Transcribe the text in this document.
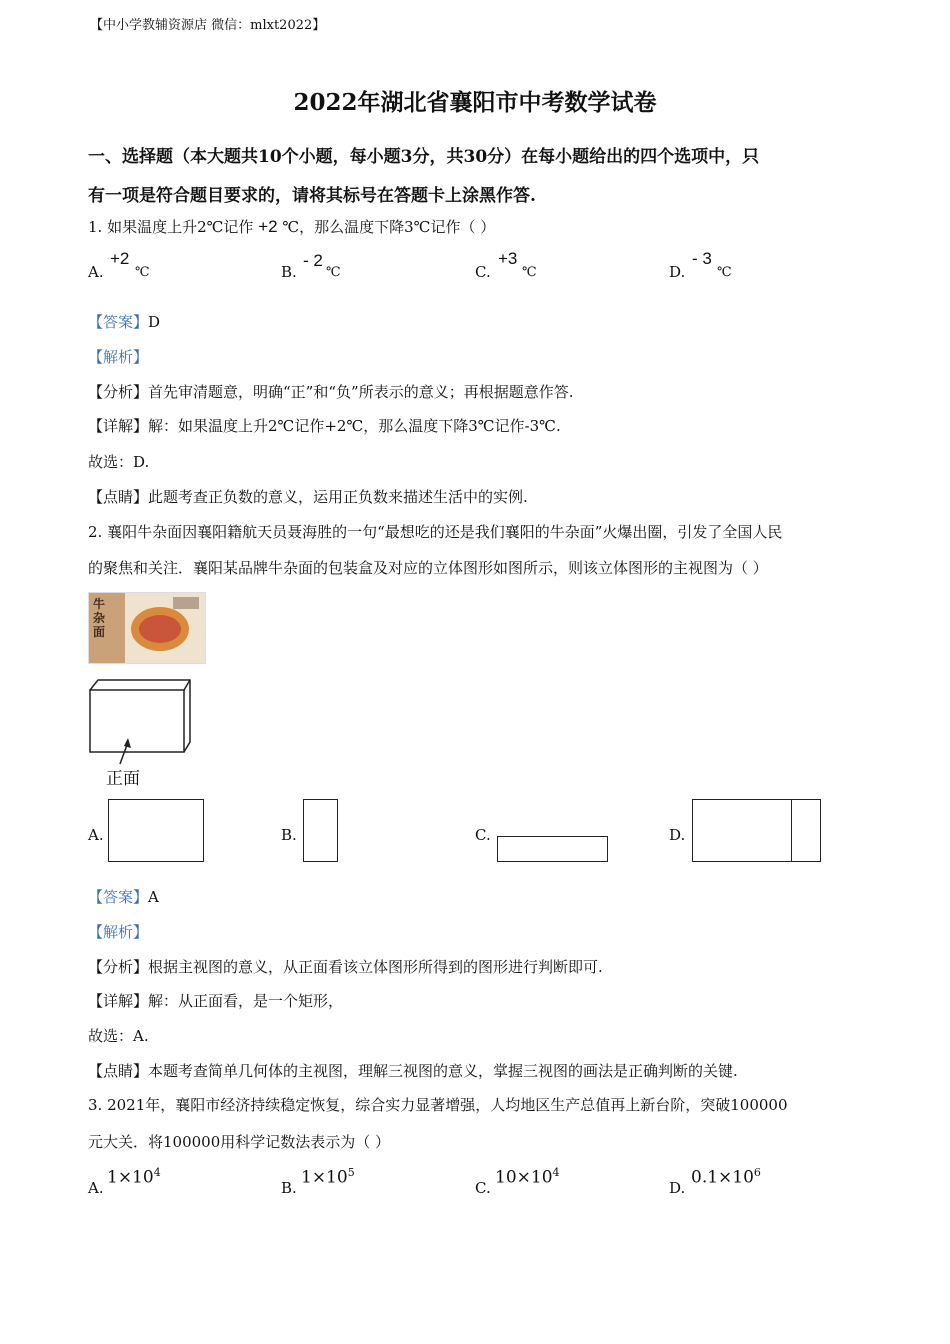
【中小学教辅资源店 微信：mlxt2022】
2022年湖北省襄阳市中考数学试卷
一、选择题（本大题共10个小题，每小题3分，共30分）在每小题给出的四个选项中，只
有一项是符合题目要求的，请将其标号在答题卡上涂黑作答.
1. 如果温度上升2℃记作 +2 ℃，那么温度下降3℃记作（ ）
A.
+2
℃	B.
- 2
℃	C.
+3
℃	D.
- 3
℃
【答案】D
【解析】
【分析】首先审清题意，明确“正”和“负”所表示的意义；再根据题意作答.
【详解】解：如果温度上升2℃记作+2℃，那么温度下降3℃记作-3℃.
故选：D.
【点睛】此题考查正负数的意义，运用正负数来描述生活中的实例.
2. 襄阳牛杂面因襄阳籍航天员聂海胜的一句“最想吃的还是我们襄阳的牛杂面”火爆出圈，引发了全国人民
的聚焦和关注．襄阳某品牌牛杂面的包装盒及对应的立体图形如图所示，则该立体图形的主视图为（ ）
牛杂面
正面
A.	B.	C.	D.
【答案】A
【解析】
【分析】根据主视图的意义，从正面看该立体图形所得到的图形进行判断即可.
【详解】解：从正面看，是一个矩形，
故选：A.
【点睛】本题考查简单几何体的主视图，理解三视图的意义，掌握三视图的画法是正确判断的关键.
3. 2021年，襄阳市经济持续稳定恢复，综合实力显著增强，人均地区生产总值再上新台阶，突破100000
元大关．将100000用科学记数法表示为（ ）
A.
$1\times 10^4$
B.
$1\times 10^5$
C.
$10\times 10^4$
D.
$0.1\times 10^6$
